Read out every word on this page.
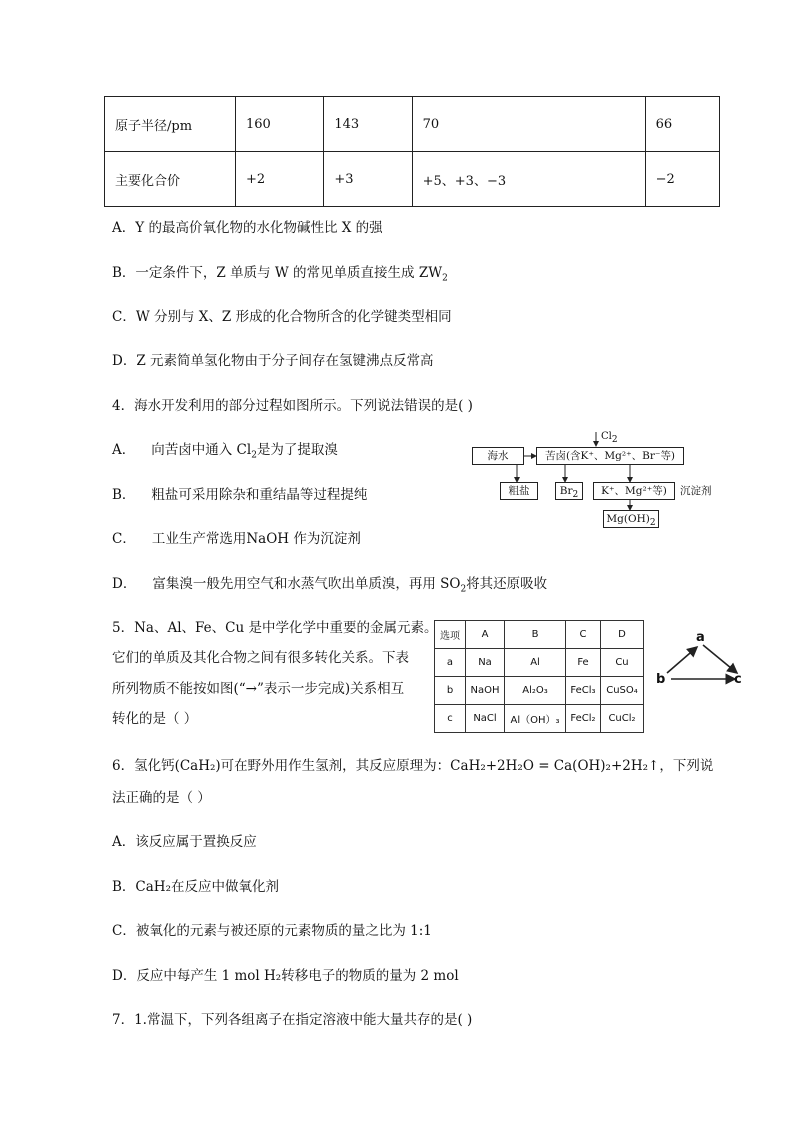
原子半径/pm	160	143	70	66
主要化合价	+2	+3	+5、+3、−3	−2
A．Y 的最高价氧化物的水化物碱性比 X 的强
B．一定条件下，Z 单质与 W 的常见单质直接生成 $ZW_2$
C．W 分别与 X、Z 形成的化合物所含的化学键类型相同
D．Z 元素简单氢化物由于分子间存在氢键沸点反常高
4．海水开发利用的部分过程如图所示。下列说法错误的是( )
A． 向苦卤中通入 $Cl_2$是为了提取溴
B． 粗盐可采用除杂和重结晶等过程提纯
C． 工业生产常选用NaOH 作为沉淀剂
D． 富集溴一般先用空气和水蒸气吹出单质溴，再用 $SO_2$将其还原吸收
$Cl_2$
海水	苦卤(含K⁺、Mg²⁺、Br⁻等)
粗盐	$Br_2$	K⁺、Mg²⁺等)	沉淀剂
$Mg(OH)_2$
5．Na、Al、Fe、Cu 是中学化学中重要的金属元素。
它们的单质及其化合物之间有很多转化关系。下表
所列物质不能按如图(“→”表示一步完成)关系相互
转化的是（ ）
选项	A	B	C	D
a	Na	Al	Fe	Cu
b	NaOH	Al₂O₃	FeCl₃	CuSO₄
c	NaCl	Al（OH）₃	FeCl₂	CuCl₂
a
b	c
6．氢化钙(CaH₂)可在野外用作生氢剂，其反应原理为：CaH₂+2H₂O = Ca(OH)₂+2H₂↑，下列说
法正确的是（ ）
A．该反应属于置换反应
B．CaH₂在反应中做氧化剂
C．被氧化的元素与被还原的元素物质的量之比为 1:1
D．反应中每产生 1 mol H₂转移电子的物质的量为 2 mol
7．1.常温下，下列各组离子在指定溶液中能大量共存的是( )
